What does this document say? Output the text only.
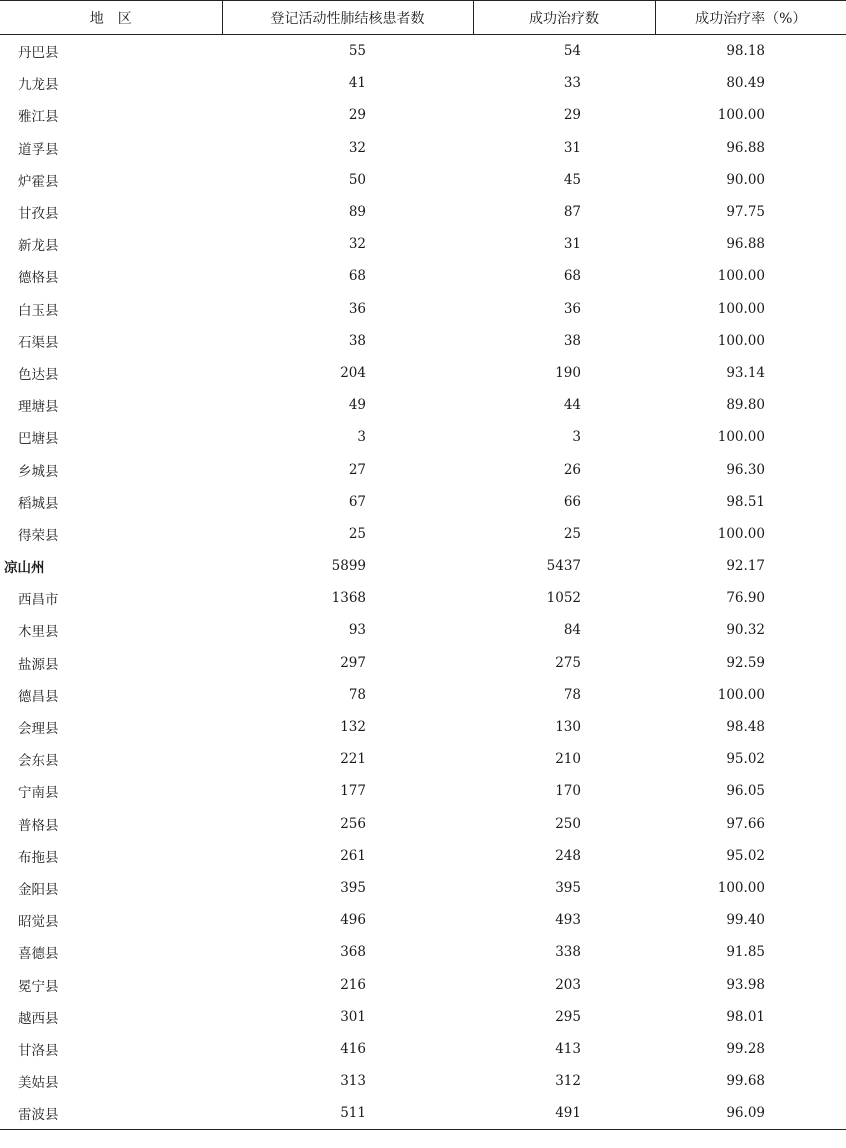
地　区	登记活动性肺结核患者数	成功治疗数	成功治疗率（%）
丹巴县	55	54	98.18
九龙县	41	33	80.49
雅江县	29	29	100.00
道孚县	32	31	96.88
炉霍县	50	45	90.00
甘孜县	89	87	97.75
新龙县	32	31	96.88
德格县	68	68	100.00
白玉县	36	36	100.00
石渠县	38	38	100.00
色达县	204	190	93.14
理塘县	49	44	89.80
巴塘县	3	3	100.00
乡城县	27	26	96.30
稻城县	67	66	98.51
得荣县	25	25	100.00
凉山州	5899	5437	92.17
西昌市	1368	1052	76.90
木里县	93	84	90.32
盐源县	297	275	92.59
德昌县	78	78	100.00
会理县	132	130	98.48
会东县	221	210	95.02
宁南县	177	170	96.05
普格县	256	250	97.66
布拖县	261	248	95.02
金阳县	395	395	100.00
昭觉县	496	493	99.40
喜德县	368	338	91.85
冕宁县	216	203	93.98
越西县	301	295	98.01
甘洛县	416	413	99.28
美姑县	313	312	99.68
雷波县	511	491	96.09
